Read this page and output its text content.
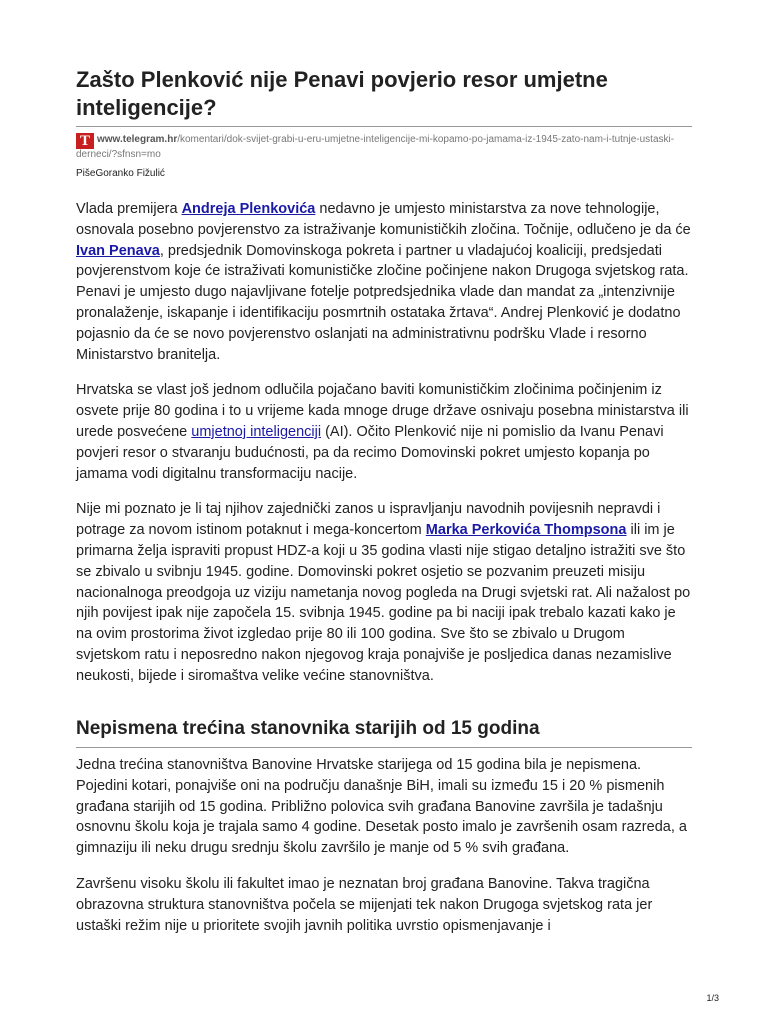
Zašto Plenković nije Penavi povjerio resor umjetne inteligencije?
T www.telegram.hr/komentari/dok-svijet-grabi-u-eru-umjetne-inteligencije-mi-kopamo-po-jamama-iz-1945-zato-nam-i-tutnje-ustaski-derneci/?sfnsn=mo
PišeGoranko Fižulić

Vlada premijera Andreja Plenkovića nedavno je umjesto ministarstva za nove tehnologije, osnovala posebno povjerenstvo za istraživanje komunističkih zločina. Točnije, odlučeno je da će Ivan Penava, predsjednik Domovinskoga pokreta i partner u vladajućoj koaliciji, predsjedati povjerenstvom koje će istraživati komunističke zločine počinjene nakon Drugoga svjetskog rata. Penavi je umjesto dugo najavljivane fotelje potpredsjednika vlade dan mandat za „intenzivnije pronalaženje, iskapanje i identifikaciju posmrtnih ostataka žrtava“. Andrej Plenković je dodatno pojasnio da će se novo povjerenstvo oslanjati na administrativnu podršku Vlade i resorno Ministarstvo branitelja.

Hrvatska se vlast još jednom odlučila pojačano baviti komunističkim zločinima počinjenim iz osvete prije 80 godina i to u vrijeme kada mnoge druge države osnivaju posebna ministarstva ili urede posvećene umjetnoj inteligenciji (AI). Očito Plenković nije ni pomislio da Ivanu Penavi povjeri resor o stvaranju budućnosti, pa da recimo Domovinski pokret umjesto kopanja po jamama vodi digitalnu transformaciju nacije.

Nije mi poznato je li taj njihov zajednički zanos u ispravljanju navodnih povijesnih nepravdi i potrage za novom istinom potaknut i mega-koncertom Marka Perkovića Thompsona ili im je primarna želja ispraviti propust HDZ-a koji u 35 godina vlasti nije stigao detaljno istražiti sve što se zbivalo u svibnju 1945. godine. Domovinski pokret osjetio se pozvanim preuzeti misiju nacionalnoga preodgoja uz viziju nametanja novog pogleda na Drugi svjetski rat. Ali nažalost po njih povijest ipak nije započela 15. svibnja 1945. godine pa bi naciji ipak trebalo kazati kako je na ovim prostorima život izgledao prije 80 ili 100 godina. Sve što se zbivalo u Drugom svjetskom ratu i neposredno nakon njegovog kraja ponajviše je posljedica danas nezamislive neukosti, bijede i siromaštva velike većine stanovništva.

Nepismena trećina stanovnika starijih od 15 godina

Jedna trećina stanovništva Banovine Hrvatske starijega od 15 godina bila je nepismena. Pojedini kotari, ponajviše oni na području današnje BiH, imali su između 15 i 20 % pismenih građana starijih od 15 godina. Približno polovica svih građana Banovine završila je tadašnju osnovnu školu koja je trajala samo 4 godine. Desetak posto imalo je završenih osam razreda, a gimnaziju ili neku drugu srednju školu završilo je manje od 5 % svih građana.

Završenu visoku školu ili fakultet imao je neznatan broj građana Banovine. Takva tragična obrazovna struktura stanovništva počela se mijenjati tek nakon Drugoga svjetskog rata jer ustaški režim nije u prioritete svojih javnih politika uvrstio opismenjavanje i

1/3
